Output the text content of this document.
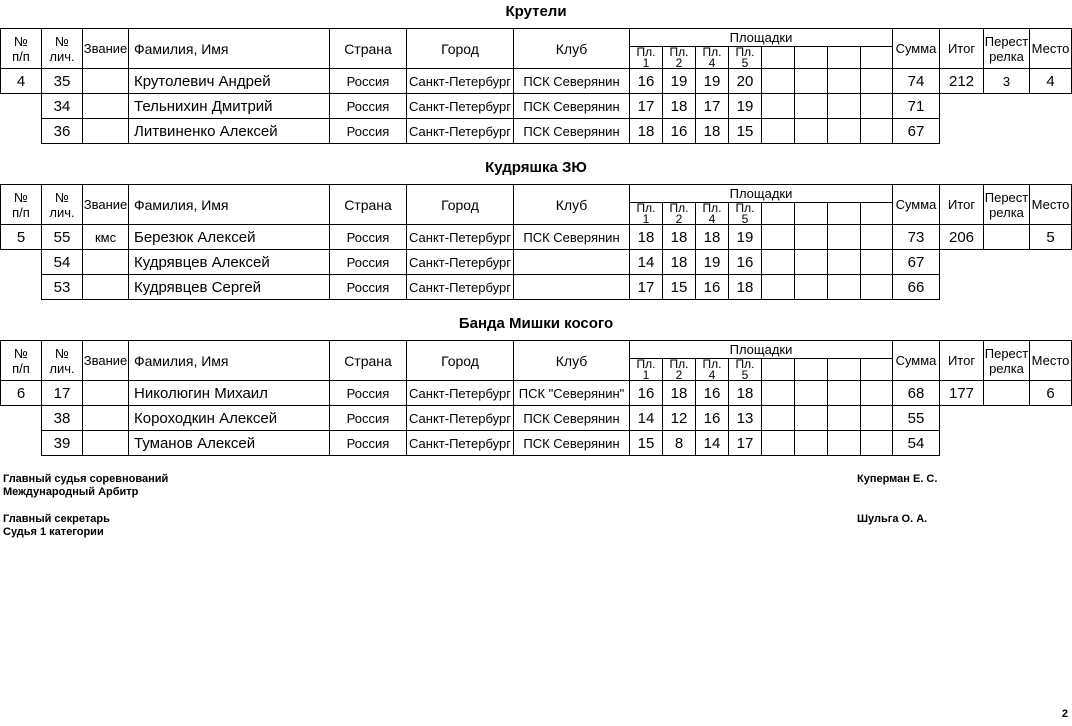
Крутели
№
п/п
№
лич. Звание Фамилия, Имя	Страна	Город	Клуб
Площадки
Пл.
1
Пл.
2
Пл.
4
Пл.
5
Сумма Итог Перест
релка Место
4	35	Крутолевич Андрей	Россия	Санкт-Петербург ПСК Северянин	16	19	19	20	74	212	3	4
34	Тельнихин Дмитрий	Россия	Санкт-Петербург ПСК Северянин	17	18	17	19	71
36	Литвиненко Алексей	Россия	Санкт-Петербург ПСК Северянин	18	16	18	15	67
Кудряшка ЗЮ
№
п/п
№
лич. Звание Фамилия, Имя	Страна	Город	Клуб
Площадки
Пл.
1
Пл.
2
Пл.
4
Пл.
5
Сумма Итог Перест
релка Место
5	55	кмс	Березюк Алексей	Россия	Санкт-Петербург ПСК Северянин	18	18	18	19	73	206	5
54	Кудрявцев Алексей	Россия	Санкт-Петербург	14	18	19	16	67
53	Кудрявцев Сергей	Россия	Санкт-Петербург	17	15	16	18	66
Банда Мишки косого
№
п/п
№
лич. Звание Фамилия, Имя	Страна	Город	Клуб
Площадки
Пл.
1
Пл.
2
Пл.
4
Пл.
5
Сумма Итог Перест
релка Место
6	17	Николюгин Михаил	Россия	Санкт-Петербург ПСК "Северянин" 16	18	16	18	68	177	6
38	Короходкин Алексей	Россия	Санкт-Петербург ПСК Северянин	14	12	16	13	55
39	Туманов Алексей	Россия	Санкт-Петербург ПСК Северянин	15	8	14	17	54
Главный судья соревнований
Международный Арбитр
Куперман Е. С.
Главный секретарь
Судья 1 категории
Шульга О. А.
2
